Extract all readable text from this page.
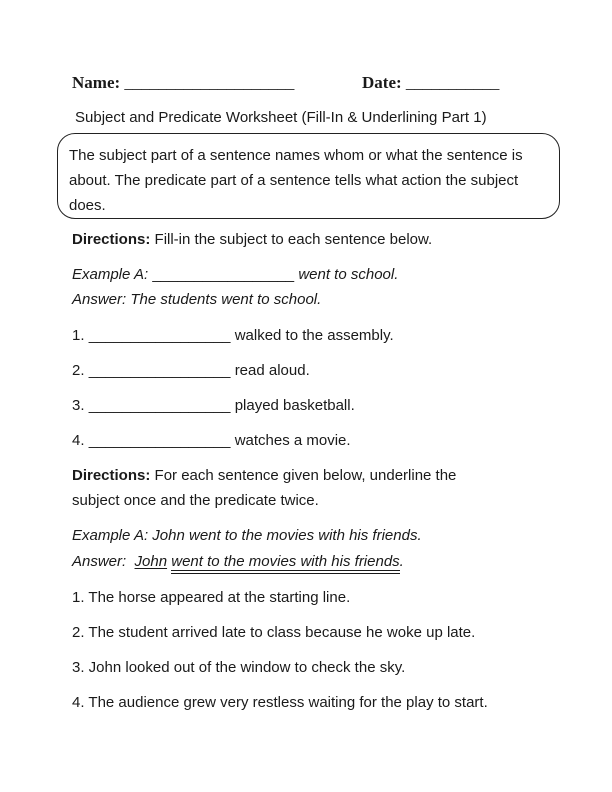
Name: ____________________	Date: ___________
Subject and Predicate Worksheet (Fill-In & Underlining Part 1)
The subject part of a sentence names whom or what the sentence is about. The predicate part of a sentence tells what action the subject does.
Directions: Fill-in the subject to each sentence below.
Example A: _________________ went to school.
Answer: The students went to school.
1. _________________ walked to the assembly.
2. _________________ read aloud.
3. _________________ played basketball.
4. _________________ watches a movie.
Directions: For each sentence given below, underline the
subject once and the predicate twice.
Example A: John went to the movies with his friends.
Answer: John went to the movies with his friends
.
1. The horse appeared at the starting line.
2. The student arrived late to class because he woke up late.
3. John looked out of the window to check the sky.
4. The audience grew very restless waiting for the play to start.
